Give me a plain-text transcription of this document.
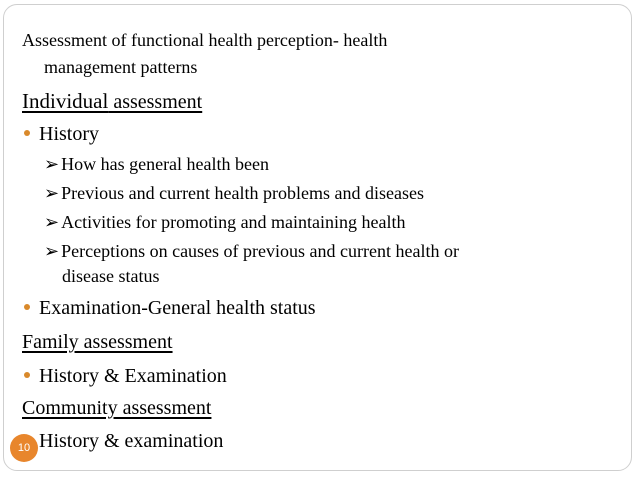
Assessment of functional health perception- health
management patterns
Individual assessment
History
➢ How has general health been
➢ Previous and current health problems and diseases
➢ Activities for promoting and maintaining health
➢ Perceptions on causes of previous and current health or
disease status
Examination-General health status
Family assessment
History & Examination
Community assessment
History & examination
10
